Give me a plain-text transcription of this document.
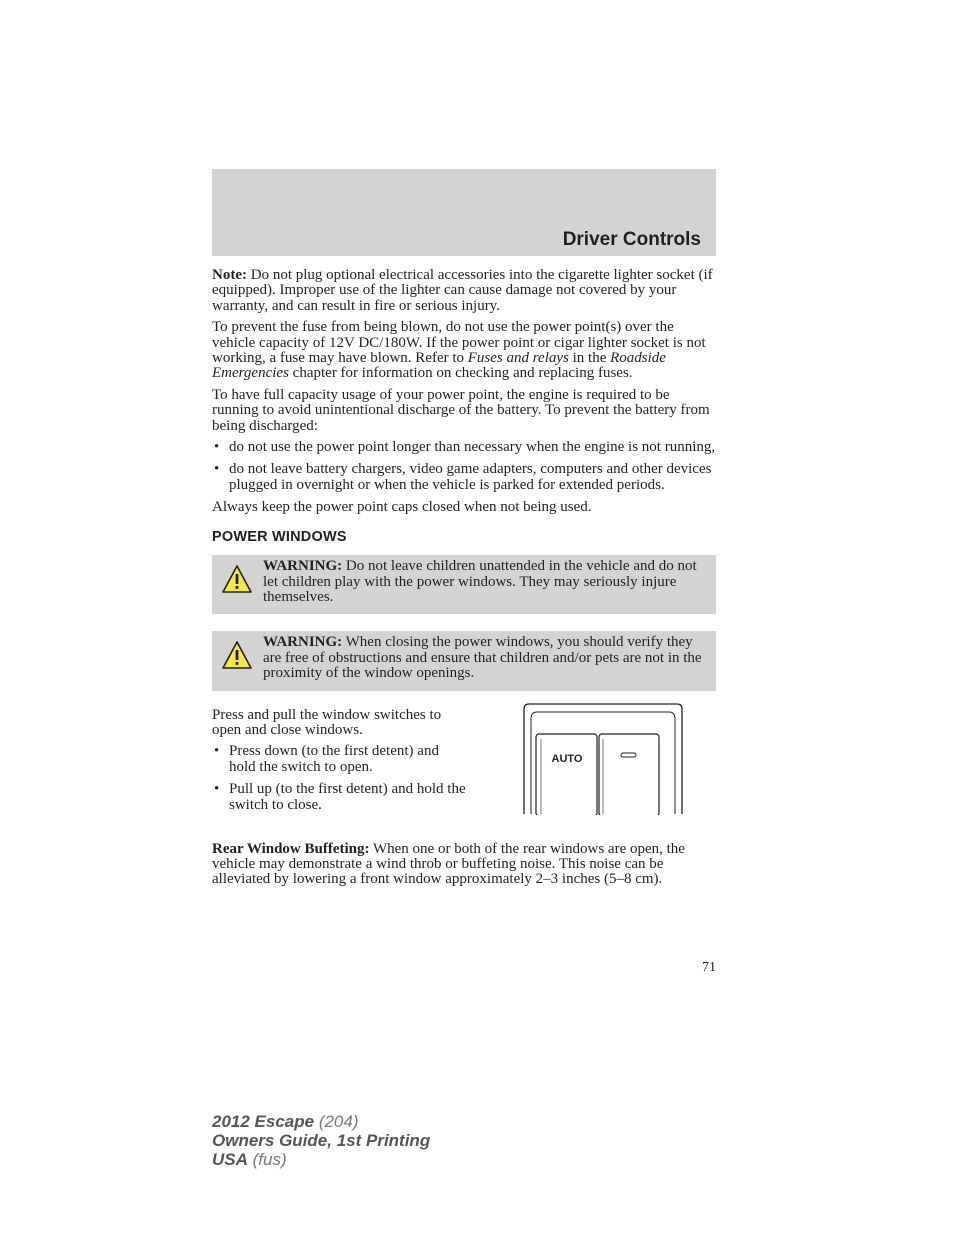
Driver Controls

Note: Do not plug optional electrical accessories into the cigarette lighter socket (if equipped). Improper use of the lighter can cause damage not covered by your warranty, and can result in fire or serious injury.

To prevent the fuse from being blown, do not use the power point(s) over the vehicle capacity of 12V DC/180W. If the power point or cigar lighter socket is not working, a fuse may have blown. Refer to Fuses and relays in the Roadside Emergencies chapter for information on checking and replacing fuses.

To have full capacity usage of your power point, the engine is required to be running to avoid unintentional discharge of the battery. To prevent the battery from being discharged:

• do not use the power point longer than necessary when the engine is not running,
• do not leave battery chargers, video game adapters, computers and other devices plugged in overnight or when the vehicle is parked for extended periods.

Always keep the power point caps closed when not being used.

POWER WINDOWS
WARNING: Do not leave children unattended in the vehicle and do not let children play with the power windows. They may seriously injure themselves.
WARNING: When closing the power windows, you should verify they are free of obstructions and ensure that children and/or pets are not in the proximity of the window openings.

Press and pull the window switches to open and close windows.

• Press down (to the first detent) and hold the switch to open.
• Pull up (to the first detent) and hold the switch to close.
AUTO

Rear Window Buffeting: When one or both of the rear windows are open, the vehicle may demonstrate a wind throb or buffeting noise. This noise can be alleviated by lowering a front window approximately 2–3 inches (5–8 cm).

71
2012 Escape (204)
Owners Guide, 1st Printing
USA (fus)
